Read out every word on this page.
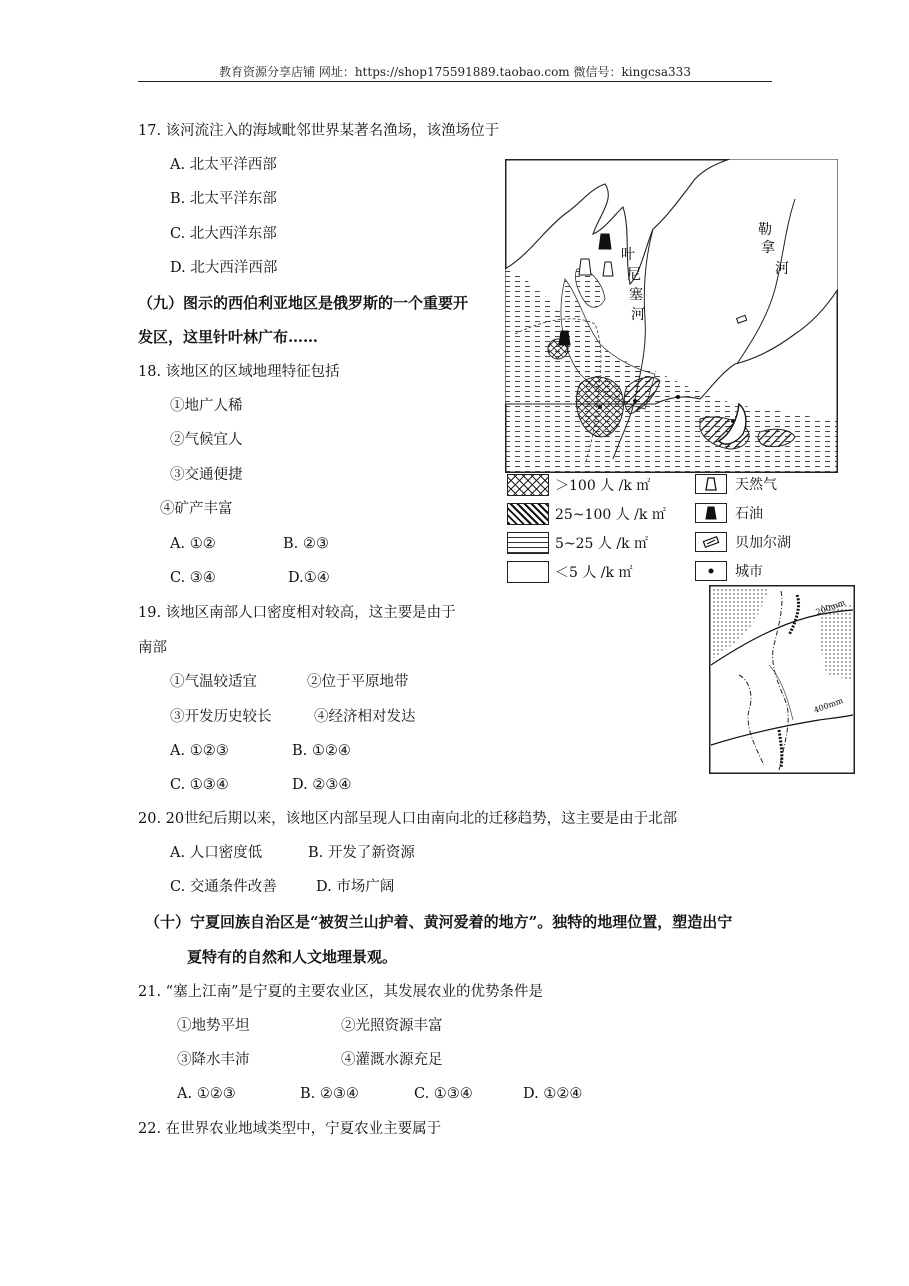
教育资源分享店铺 网址：https://shop175591889.taobao.com 微信号：kingcsa333
17. 该河流注入的海域毗邻世界某著名渔场，该渔场位于
A. 北太平洋西部
B. 北太平洋东部
C. 北大西洋东部
D. 北大西洋西部
（九）图示的西伯利亚地区是俄罗斯的一个重要开
发区，这里针叶林广布……
18. 该地区的区域地理特征包括
①地广人稀
②气候宜人
③交通便捷
④矿产丰富
A. ①②	B. ②③
C. ③④	D.①④
19. 该地区南部人口密度相对较高，这主要是由于
南部
①气温较适宜	②位于平原地带
③开发历史较长	④经济相对发达
A. ①②③	B. ①②④
C. ①③④	D. ②③④
20. 20世纪后期以来，该地区内部呈现人口由南向北的迁移趋势，这主要是由于北部
A. 人口密度低	B. 开发了新资源
C. 交通条件改善	D. 市场广阔
（十）宁夏回族自治区是“被贺兰山护着、黄河爱着的地方”。独特的地理位置，塑造出宁
夏特有的自然和人文地理景观。
21. “塞上江南”是宁夏的主要农业区，其发展农业的优势条件是
①地势平坦	②光照资源丰富
③降水丰沛	④灌溉水源充足
A. ①②③	B. ②③④	C. ①③④	D. ①②④
22. 在世界农业地域类型中，宁夏农业主要属于
叶
尼
塞
河
勒
拿
河
＞100 人 /k ㎡
25~100 人 /k ㎡
5~25 人 /k ㎡
＜5 人 /k ㎡
天然气
石油
贝加尔湖
城市
200mm
400mm
